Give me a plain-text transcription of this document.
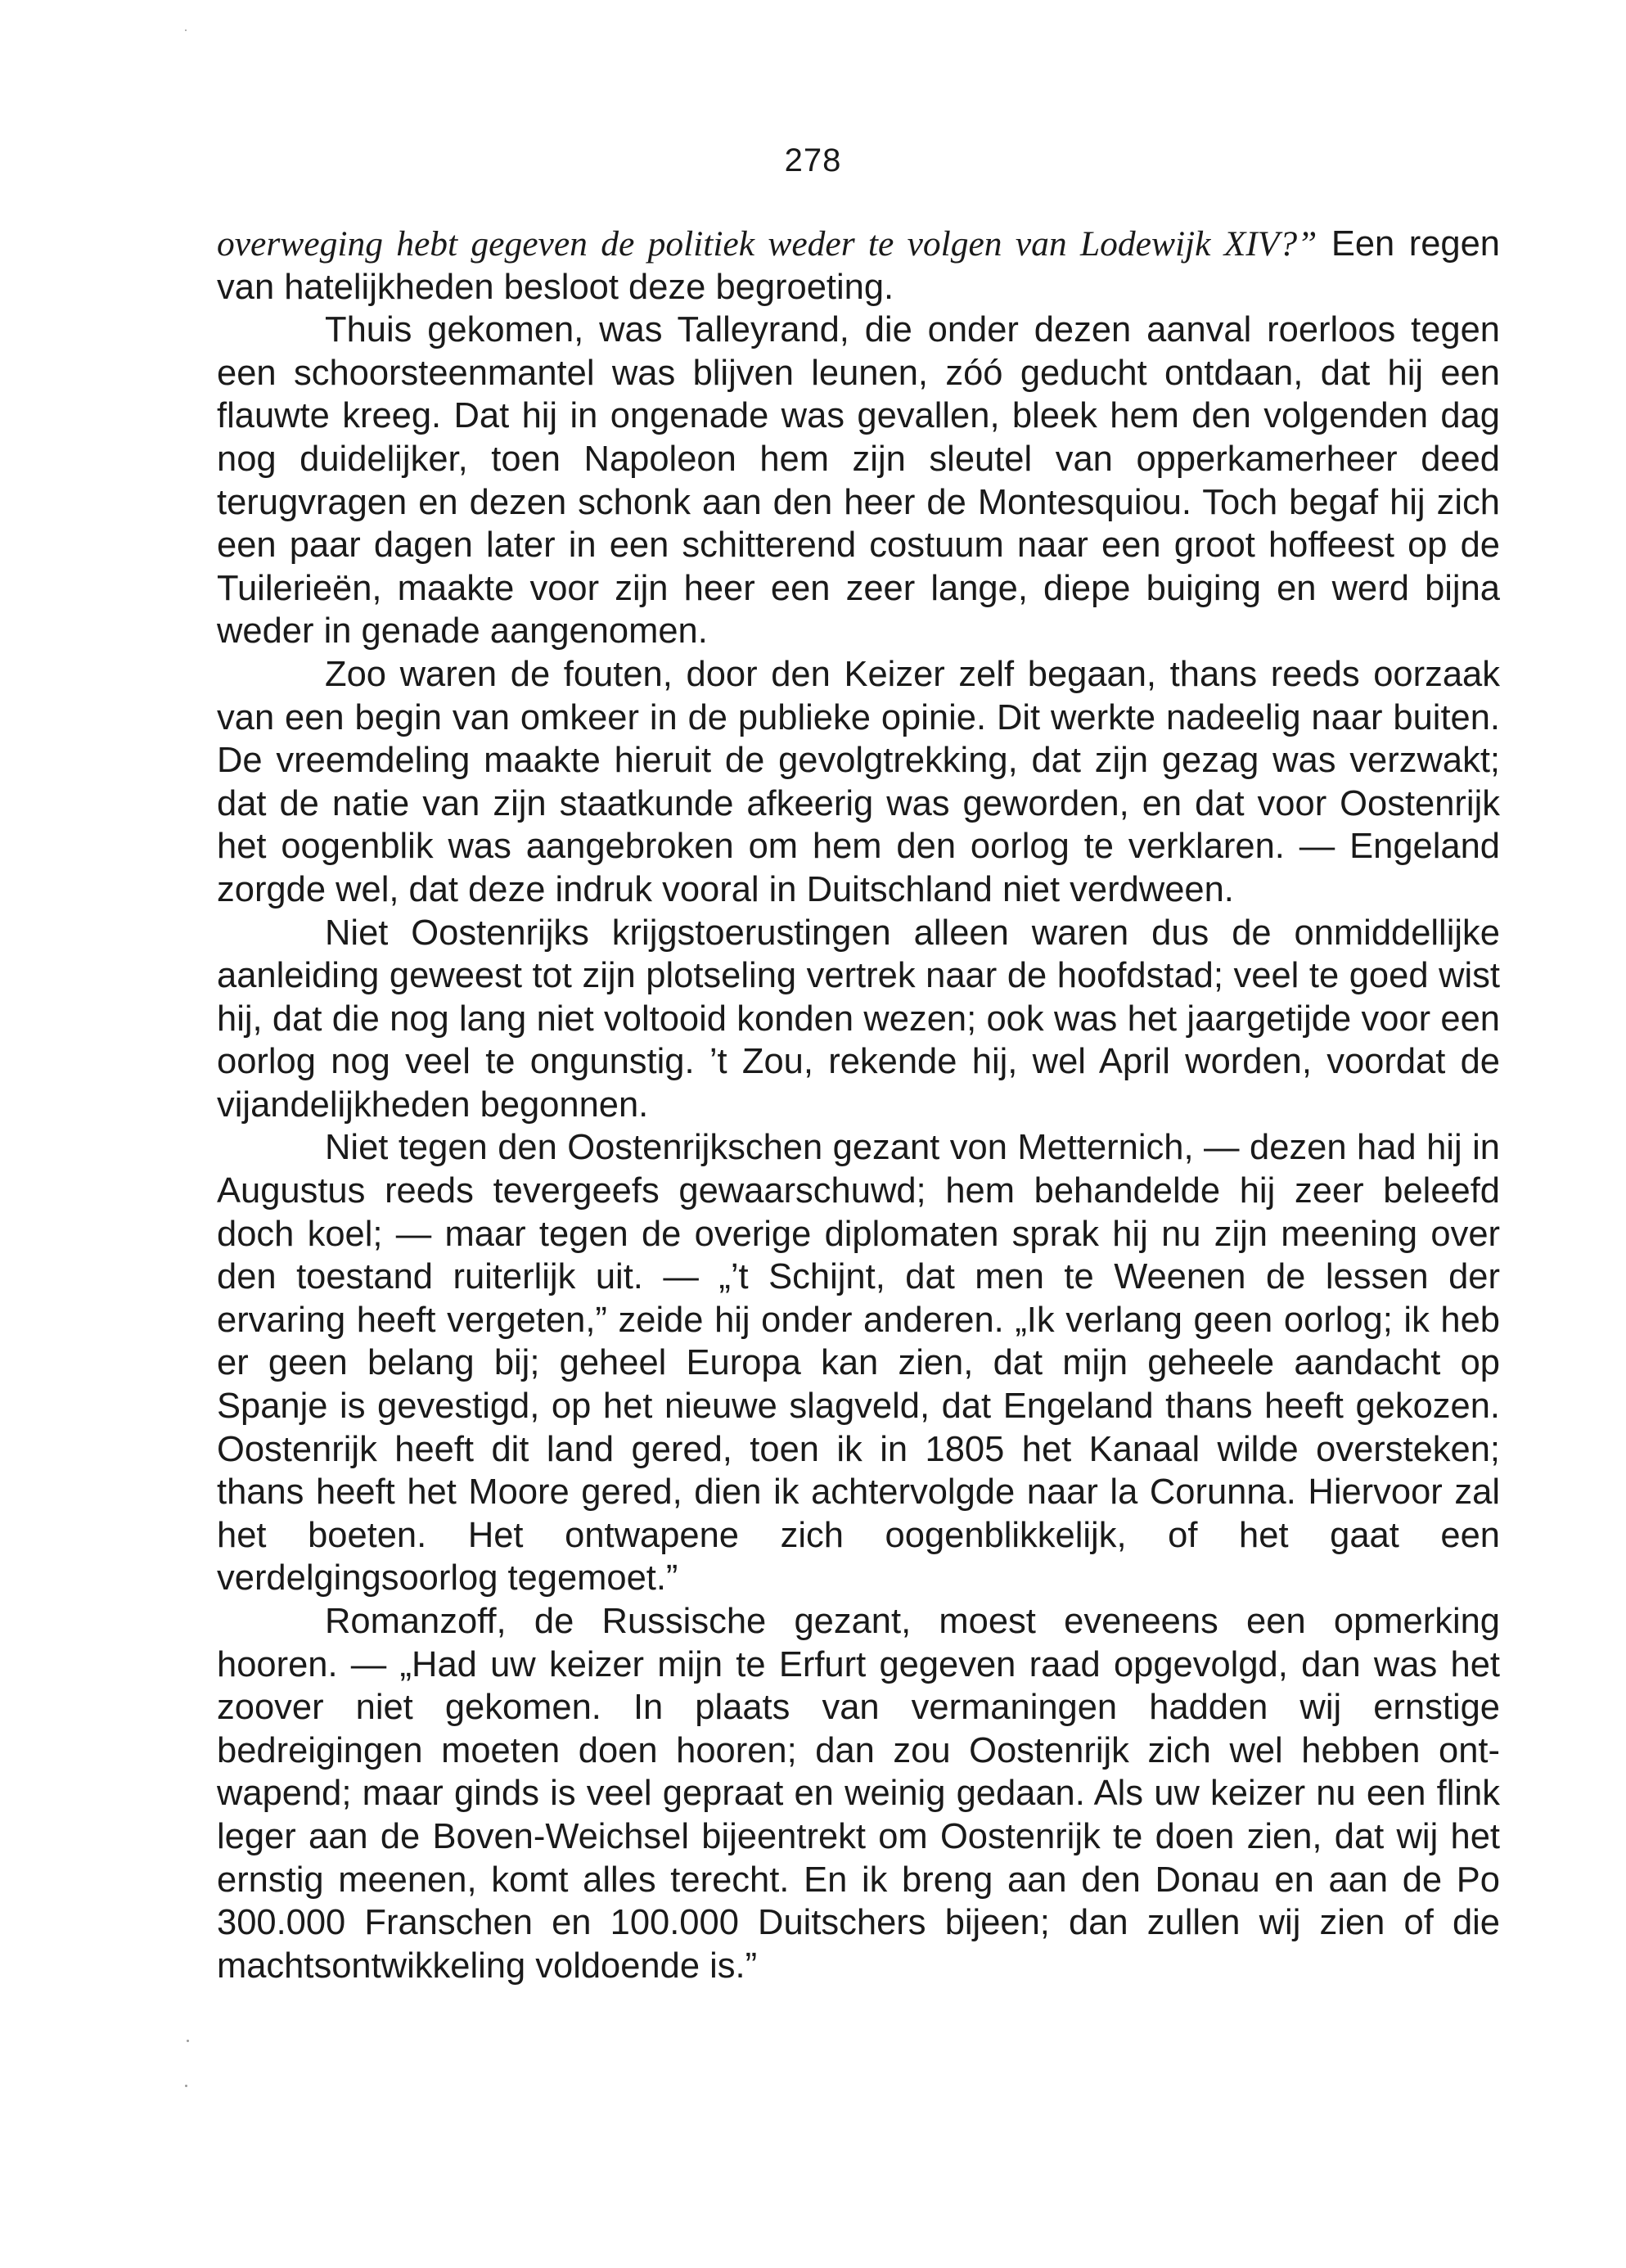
278

overweging hebt gegeven de politiek weder te volgen van Lodewijk XIV?” Een regen van hatelijkheden besloot deze begroeting.

Thuis gekomen, was Talleyrand, die onder dezen aanval roerloos tegen een schoorsteenmantel was blijven leunen, zóó geducht ontdaan, dat hij een flauwte kreeg. Dat hij in ongenade was gevallen, bleek hem den volgenden dag nog duidelijker, toen Napoleon hem zijn sleutel van opperkamerheer deed terugvragen en dezen schonk aan den heer de Montesquiou. Toch begaf hij zich een paar dagen later in een schitterend costuum naar een groot hoffeest op de Tuilerieën, maakte voor zijn heer een zeer lange, diepe buiging en werd bijna weder in genade aangenomen.

Zoo waren de fouten, door den Keizer zelf begaan, thans reeds oorzaak van een begin van omkeer in de publieke opinie. Dit werkte nadeelig naar buiten. De vreemdeling maakte hieruit de gevolgtrekking, dat zijn gezag was verzwakt; dat de natie van zijn staatkunde afkeerig was geworden, en dat voor Oostenrijk het oogenblik was aangebroken om hem den oorlog te verklaren. — Engeland zorgde wel, dat deze indruk vooral in Duitschland niet verdween.

Niet Oostenrijks krijgstoerustingen alleen waren dus de onmiddellijke aanleiding geweest tot zijn plotseling vertrek naar de hoofdstad; veel te goed wist hij, dat die nog lang niet voltooid konden wezen; ook was het jaargetijde voor een oorlog nog veel te ongunstig. ’t Zou, rekende hij, wel April worden, voordat de vijandelijkheden begonnen.

Niet tegen den Oostenrijkschen gezant von Metternich, — dezen had hij in Augustus reeds tevergeefs gewaarschuwd; hem behandelde hij zeer beleefd doch koel; — maar tegen de overige diplomaten sprak hij nu zijn meening over den toestand ruiterlijk uit. — „’t Schijnt, dat men te Weenen de lessen der ervaring heeft vergeten,” zeide hij onder anderen. „Ik verlang geen oorlog; ik heb er geen belang bij; geheel Europa kan zien, dat mijn geheele aandacht op Spanje is gevestigd, op het nieuwe slagveld, dat Engeland thans heeft gekozen. Oostenrijk heeft dit land gered, toen ik in 1805 het Kanaal wilde oversteken; thans heeft het Moore gered, dien ik achtervolgde naar la Corunna. Hiervoor zal het boeten. Het ontwapene zich oogenblikkelijk, of het gaat een verdelgingsoorlog tegemoet.”

Romanzoff, de Russische gezant, moest eveneens een opmerking hooren. — „Had uw keizer mijn te Erfurt gegeven raad opgevolgd, dan was het zoover niet gekomen. In plaats van vermaningen hadden wij ernstige bedreigingen moeten doen hooren; dan zou Oostenrijk zich wel hebben ontwapend; maar ginds is veel gepraat en weinig gedaan. Als uw keizer nu een flink leger aan de Boven-Weichsel bijeentrekt om Oostenrijk te doen zien, dat wij het ernstig meenen, komt alles terecht. En ik breng aan den Donau en aan de Po 300.000 Franschen en 100.000 Duitschers bijeen; dan zullen wij zien of die machtsontwikkeling voldoende is.”
